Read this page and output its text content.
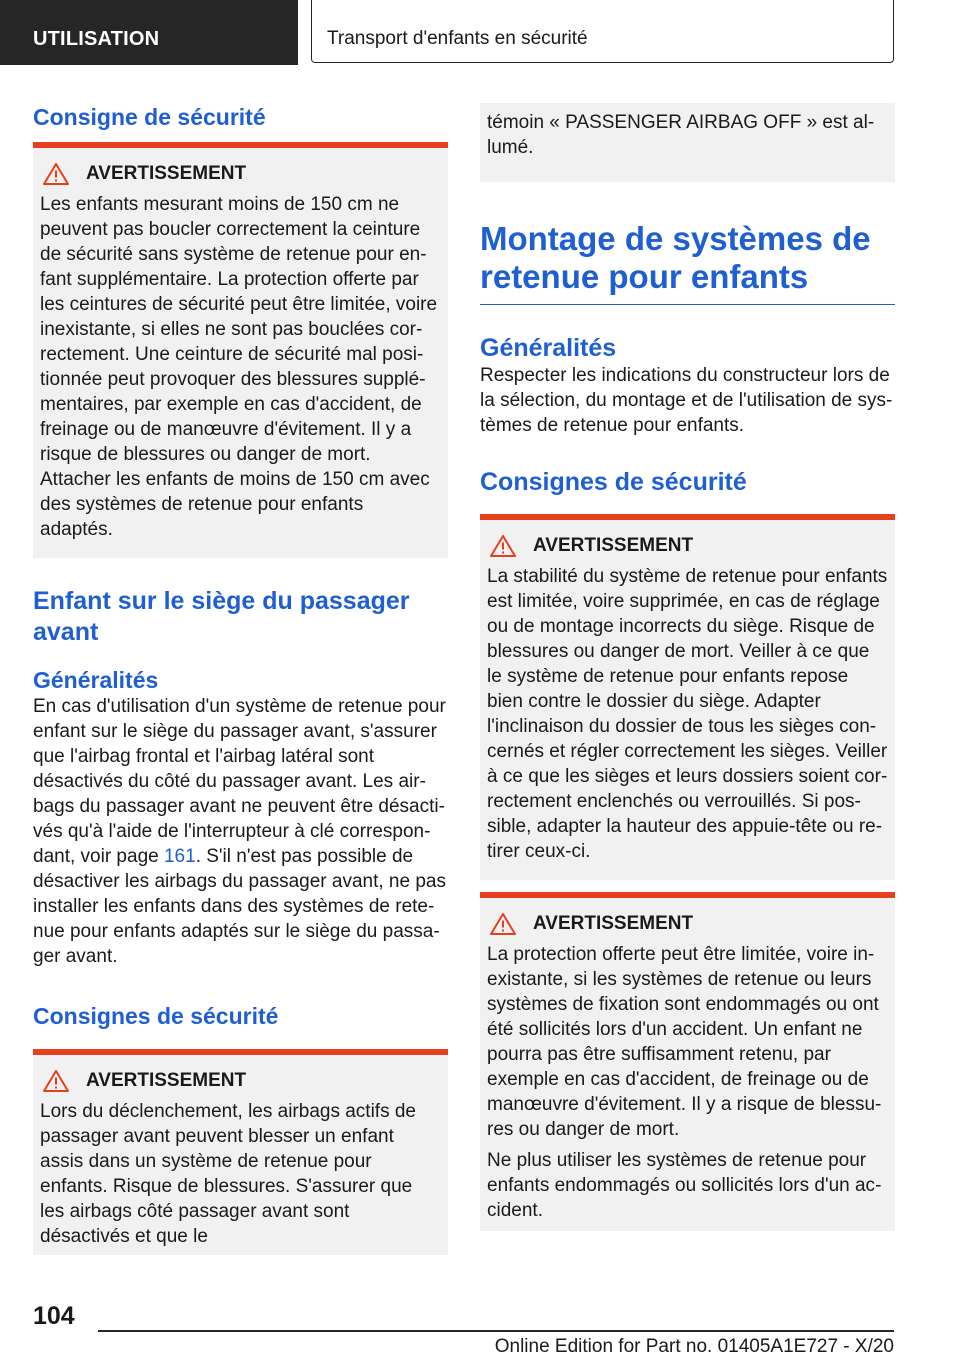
UTILISATION	Transport d'enfants en sécurité
Consigne de sécurité
AVERTISSEMENT

Les enfants mesurant moins de 150 cm ne peuvent pas boucler correctement la ceinture de sécurité sans système de retenue pour enfant supplémentaire. La protection offerte par les ceintures de sécurité peut être limitée, voire inexistante, si elles ne sont pas bouclées correctement. Une ceinture de sécurité mal positionnée peut provoquer des blessures supplémentaires, par exemple en cas d'accident, de freinage ou de manœuvre d'évitement. Il y a risque de blessures ou danger de mort. Attacher les enfants de moins de 150 cm avec des systèmes de retenue pour enfants adaptés.

Enfant sur le siège du passager avant
Généralités

En cas d'utilisation d'un système de retenue pour enfant sur le siège du passager avant, s'assurer que l'airbag frontal et l'airbag latéral sont désactivés du côté du passager avant. Les airbags du passager avant ne peuvent être désactivés qu'à l'aide de l'interrupteur à clé correspondant, voir page 161. S'il n'est pas possible de désactiver les airbags du passager avant, ne pas installer les enfants dans des systèmes de retenue pour enfants adaptés sur le siège du passager avant.

Consignes de sécurité
AVERTISSEMENT

Lors du déclenchement, les airbags actifs de passager avant peuvent blesser un enfant assis dans un système de retenue pour enfants. Risque de blessures. S'assurer que les airbags côté passager avant sont désactivés et que le

témoin « PASSENGER AIRBAG OFF » est allumé.

Montage de systèmes de retenue pour enfants
Généralités

Respecter les indications du constructeur lors de la sélection, du montage et de l'utilisation de systèmes de retenue pour enfants.

Consignes de sécurité
AVERTISSEMENT

La stabilité du système de retenue pour enfants est limitée, voire supprimée, en cas de réglage ou de montage incorrects du siège. Risque de blessures ou danger de mort. Veiller à ce que le système de retenue pour enfants repose bien contre le dossier du siège. Adapter l'inclinaison du dossier de tous les sièges concernés et régler correctement les sièges. Veiller à ce que les sièges et leurs dossiers soient correctement enclenchés ou verrouillés. Si possible, adapter la hauteur des appuie-tête ou retirer ceux-ci.

AVERTISSEMENT

La protection offerte peut être limitée, voire inexistante, si les systèmes de retenue ou leurs systèmes de fixation sont endommagés ou ont été sollicités lors d'un accident. Un enfant ne pourra pas être suffisamment retenu, par exemple en cas d'accident, de freinage ou de manœuvre d'évitement. Il y a risque de blessures ou danger de mort.

Ne plus utiliser les systèmes de retenue pour enfants endommagés ou sollicités lors d'un accident.

104
Online Edition for Part no. 01405A1E727 - X/20
